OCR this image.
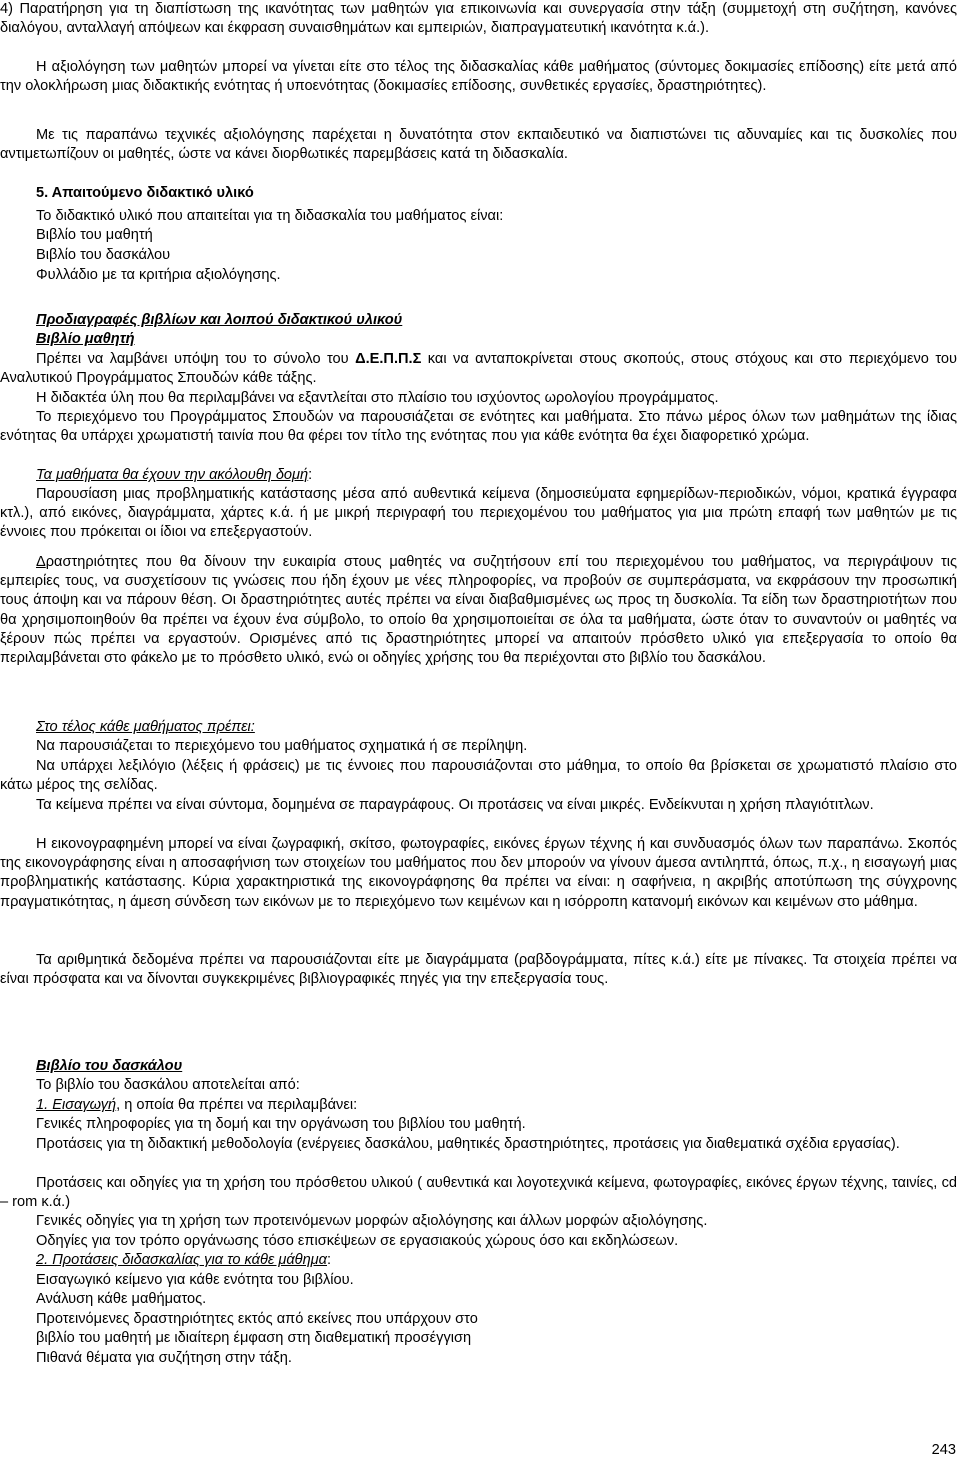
4) Παρατήρηση για τη διαπίστωση της ικανότητας των μαθητών για επικοινωνία και συνεργασία στην τάξη (συμμετοχή στη συζήτηση, κανόνες διαλόγου, ανταλλαγή απόψεων και έκφραση συναισθημάτων και εμπειριών, διαπραγματευτική ικανότητα κ.ά.).

Η αξιολόγηση των μαθητών μπορεί να γίνεται είτε στο τέλος της διδασκαλίας κάθε μαθήματος (σύντομες δοκιμασίες επίδοσης) είτε μετά από την ολοκλήρωση μιας διδακτικής ενότητας ή υποενότητας (δοκιμασίες επίδοσης, συνθετικές εργασίες, δραστηριότητες).

Με τις παραπάνω τεχνικές αξιολόγησης παρέχεται η δυνατότητα στον εκπαιδευτικό να διαπιστώνει τις αδυναμίες και τις δυσκολίες που αντιμετωπίζουν οι μαθητές, ώστε να κάνει διορθωτικές παρεμβάσεις κατά τη διδασκαλία.

5. Απαιτούμενο διδακτικό υλικό

Το διδακτικό υλικό που απαιτείται για τη διδασκαλία του μαθήματος είναι:

Βιβλίο του μαθητή

Βιβλίο του δασκάλου

Φυλλάδιο με τα κριτήρια αξιολόγησης.

Προδιαγραφές βιβλίων και λοιπού διδακτικού υλικού

Βιβλίο μαθητή

Πρέπει να λαμβάνει υπόψη του το σύνολο του Δ.Ε.Π.Π.Σ και να ανταποκρίνεται στους σκοπούς, στους στόχους και στο περιεχόμενο του Αναλυτικού Προγράμματος Σπουδών κάθε τάξης.

Η διδακτέα ύλη που θα περιλαμβάνει να εξαντλείται στο πλαίσιο του ισχύοντος ωρολογίου προγράμματος.

Το περιεχόμενο του Προγράμματος Σπουδών να παρουσιάζεται σε ενότητες και μαθήματα. Στο πάνω μέρος όλων των μαθημάτων της ίδιας ενότητας θα υπάρχει χρωματιστή ταινία που θα φέρει τον τίτλο της ενότητας που για κάθε ενότητα θα έχει διαφορετικό χρώμα.

Τα μαθήματα θα έχουν την ακόλουθη δομή:

Παρουσίαση μιας προβληματικής κατάστασης μέσα από αυθεντικά κείμενα (δημοσιεύματα εφημερίδων-περιοδικών, νόμοι, κρατικά έγγραφα κτλ.), από εικόνες, διαγράμματα, χάρτες κ.ά. ή με μικρή περιγραφή του περιεχομένου του μαθήματος για μια πρώτη επαφή των μαθητών με τις έννοιες που πρόκειται οι ίδιοι να επεξεργαστούν.

Δραστηριότητες που θα δίνουν την ευκαιρία στους μαθητές να συζητήσουν επί του περιεχομένου του μαθήματος, να περιγράψουν τις εμπειρίες τους, να συσχετίσουν τις γνώσεις που ήδη έχουν με νέες πληροφορίες, να προβούν σε συμπεράσματα, να εκφράσουν την προσωπική τους άποψη και να πάρουν θέση. Οι δραστηριότητες αυτές πρέπει να είναι διαβαθμισμένες ως προς τη δυσκολία. Τα είδη των δραστηριοτήτων που θα χρησιμοποιηθούν θα πρέπει να έχουν ένα σύμβολο, το οποίο θα χρησιμοποιείται σε όλα τα μαθήματα, ώστε όταν το συναντούν οι μαθητές να ξέρουν πώς πρέπει να εργαστούν. Ορισμένες από τις δραστηριότητες μπορεί να απαιτούν πρόσθετο υλικό για επεξεργασία το οποίο θα περιλαμβάνεται στο φάκελο με το πρόσθετο υλικό, ενώ οι οδηγίες χρήσης του θα περιέχονται στο βιβλίο του δασκάλου.

Στο τέλος κάθε μαθήματος πρέπει:

Να παρουσιάζεται το περιεχόμενο του μαθήματος σχηματικά ή σε περίληψη.

Να υπάρχει λεξιλόγιο (λέξεις ή φράσεις) με τις έννοιες που παρουσιάζονται στο μάθημα, το οποίο θα βρίσκεται σε χρωματιστό πλαίσιο στο κάτω μέρος της σελίδας.

Τα κείμενα πρέπει να είναι σύντομα, δομημένα σε παραγράφους. Οι προτάσεις να είναι μικρές. Ενδείκνυται η χρήση πλαγιότιτλων.

Η εικονογραφημένη μπορεί να είναι ζωγραφική, σκίτσο, φωτογραφίες, εικόνες έργων τέχνης ή και συνδυασμός όλων των παραπάνω. Σκοπός της εικονογράφησης είναι η αποσαφήνιση των στοιχείων του μαθήματος που δεν μπορούν να γίνουν άμεσα αντιληπτά, όπως, π.χ., η εισαγωγή μιας προβληματικής κατάστασης. Κύρια χαρακτηριστικά της εικονογράφησης θα πρέπει να είναι: η σαφήνεια, η ακριβής αποτύπωση της σύγχρονης πραγματικότητας, η άμεση σύνδεση των εικόνων με το περιεχόμενο των κειμένων και η ισόρροπη κατανομή εικόνων και κειμένων στο μάθημα.

Τα αριθμητικά δεδομένα πρέπει να παρουσιάζονται είτε με διαγράμματα (ραβδογράμματα, πίτες κ.ά.) είτε με πίνακες. Τα στοιχεία πρέπει να είναι πρόσφατα και να δίνονται συγκεκριμένες βιβλιογραφικές πηγές για την επεξεργασία τους.

Βιβλίο του δασκάλου

Το βιβλίο του δασκάλου αποτελείται από:

1. Εισαγωγή, η οποία θα πρέπει να περιλαμβάνει:

Γενικές πληροφορίες για τη δομή και την οργάνωση του βιβλίου του μαθητή.

Προτάσεις για τη διδακτική μεθοδολογία (ενέργειες δασκάλου, μαθητικές δραστηριότητες, προτάσεις για διαθεματικά σχέδια εργασίας).

Προτάσεις και οδηγίες για τη χρήση του πρόσθετου υλικού ( αυθεντικά και λογοτεχνικά κείμενα, φωτογραφίες, εικόνες έργων τέχνης, ταινίες, cd – rom κ.ά.)

Γενικές οδηγίες για τη χρήση των προτεινόμενων μορφών αξιολόγησης και άλλων μορφών αξιολόγησης.

Οδηγίες για τον τρόπο οργάνωσης τόσο επισκέψεων σε εργασιακούς χώρους όσο και εκδηλώσεων.

2. Προτάσεις διδασκαλίας για το κάθε μάθημα:

Εισαγωγικό κείμενο για κάθε ενότητα του βιβλίου.

Ανάλυση κάθε μαθήματος.

Προτεινόμενες δραστηριότητες εκτός από εκείνες που υπάρχουν στο

βιβλίο του μαθητή με ιδιαίτερη έμφαση στη διαθεματική προσέγγιση

Πιθανά θέματα για συζήτηση στην τάξη.

243
